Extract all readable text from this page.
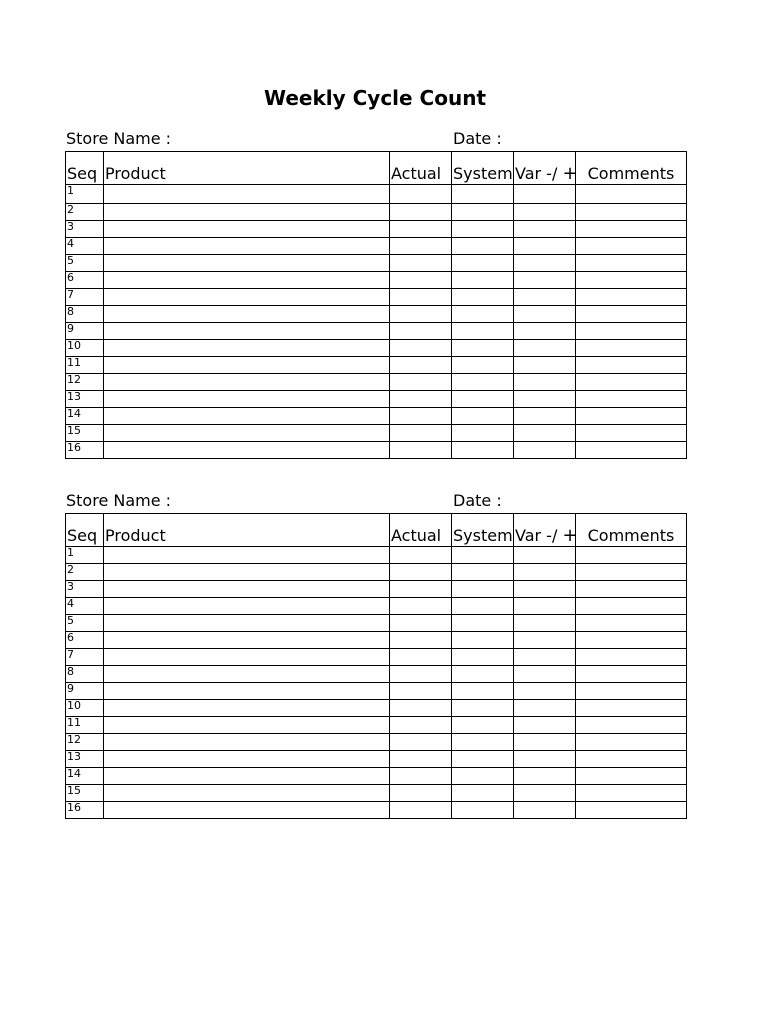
Weekly Cycle Count
Store Name :	Date :
Seq	Product	Actual	System	Var -/ +	Comments
1					
2					
3					
4					
5					
6					
7					
8					
9					
10					
11					
12					
13					
14					
15					
16					
Store Name :	Date :
Seq	Product	Actual	System	Var -/ +	Comments
1					
2					
3					
4					
5					
6					
7					
8					
9					
10					
11					
12					
13					
14					
15					
16					
